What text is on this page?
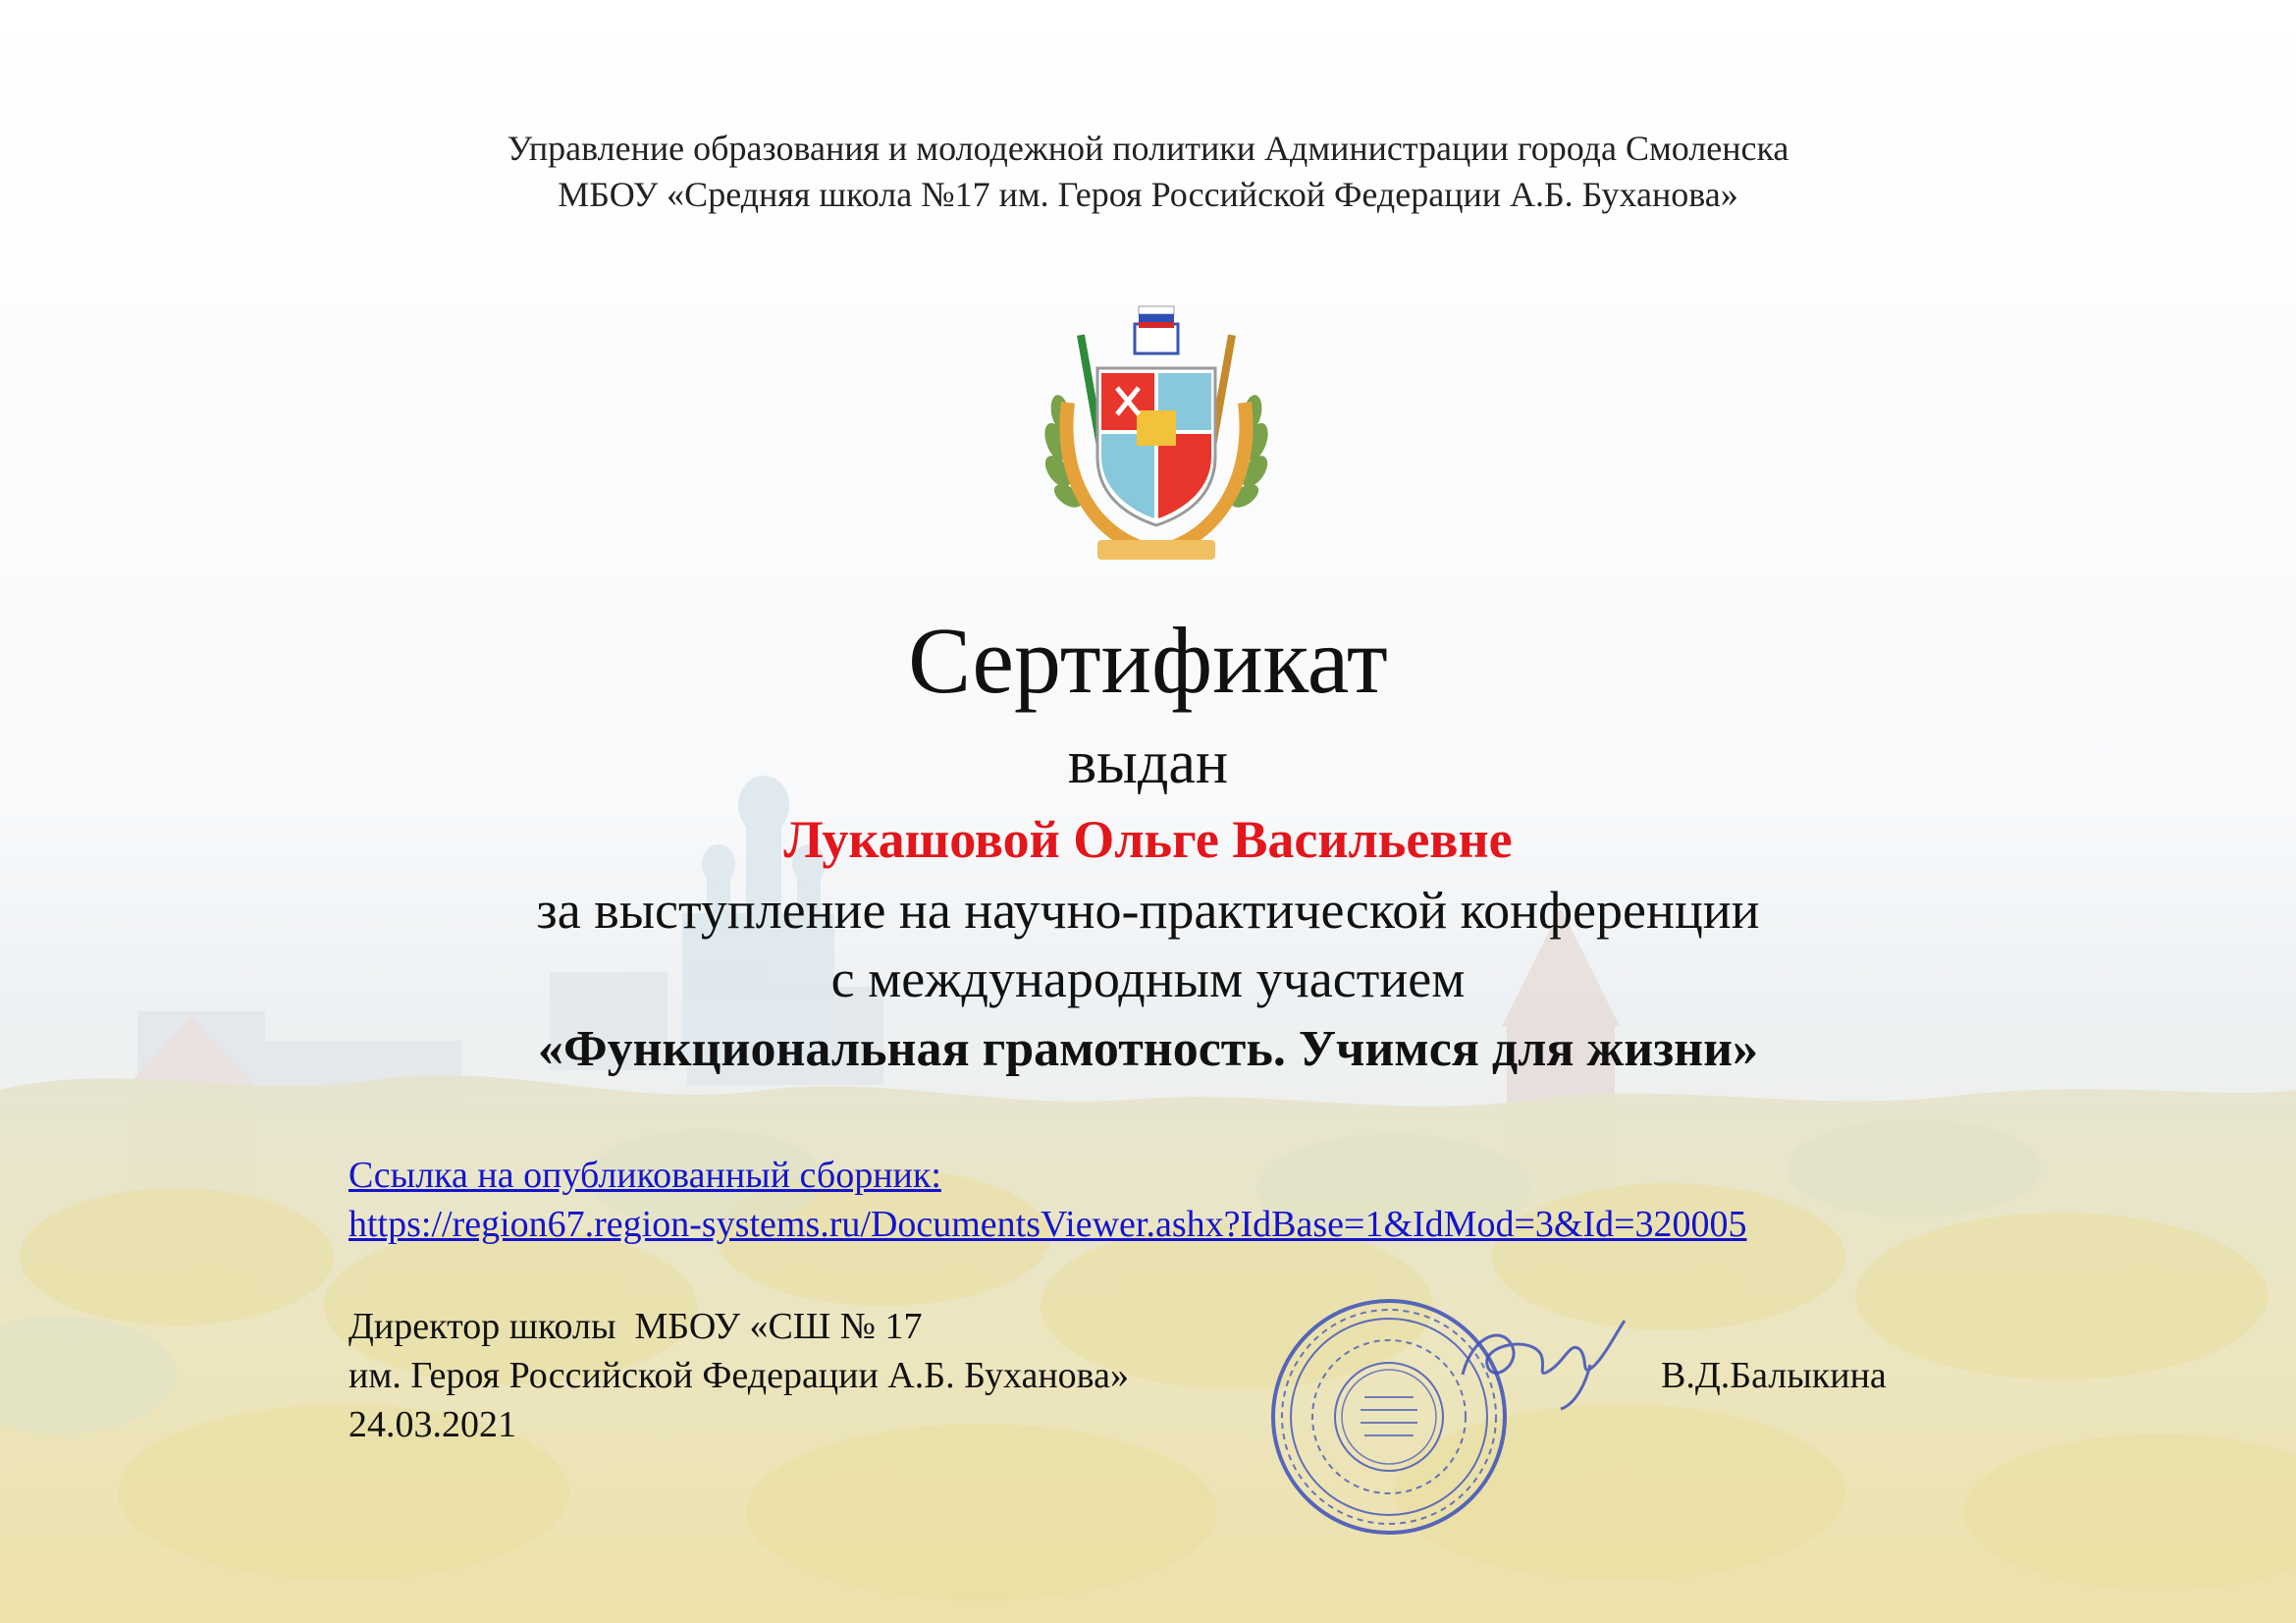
Управление образования и молодежной политики Администрации города Смоленска
МБОУ «Средняя школа №17 им. Героя Российской Федерации А.Б. Буханова»
Сертификат
выдан
Лукашовой Ольге Васильевне
за выступление на научно-практической конференции
с международным участием
«Функциональная грамотность. Учимся для жизни»
Ссылка на опубликованный сборник:
https://region67.region-systems.ru/DocumentsViewer.ashx?IdBase=1&IdMod=3&Id=320005
Директор школы  МБОУ «СШ № 17
им. Героя Российской Федерации А.Б. Буханова»
24.03.2021
В.Д.Балыкина
